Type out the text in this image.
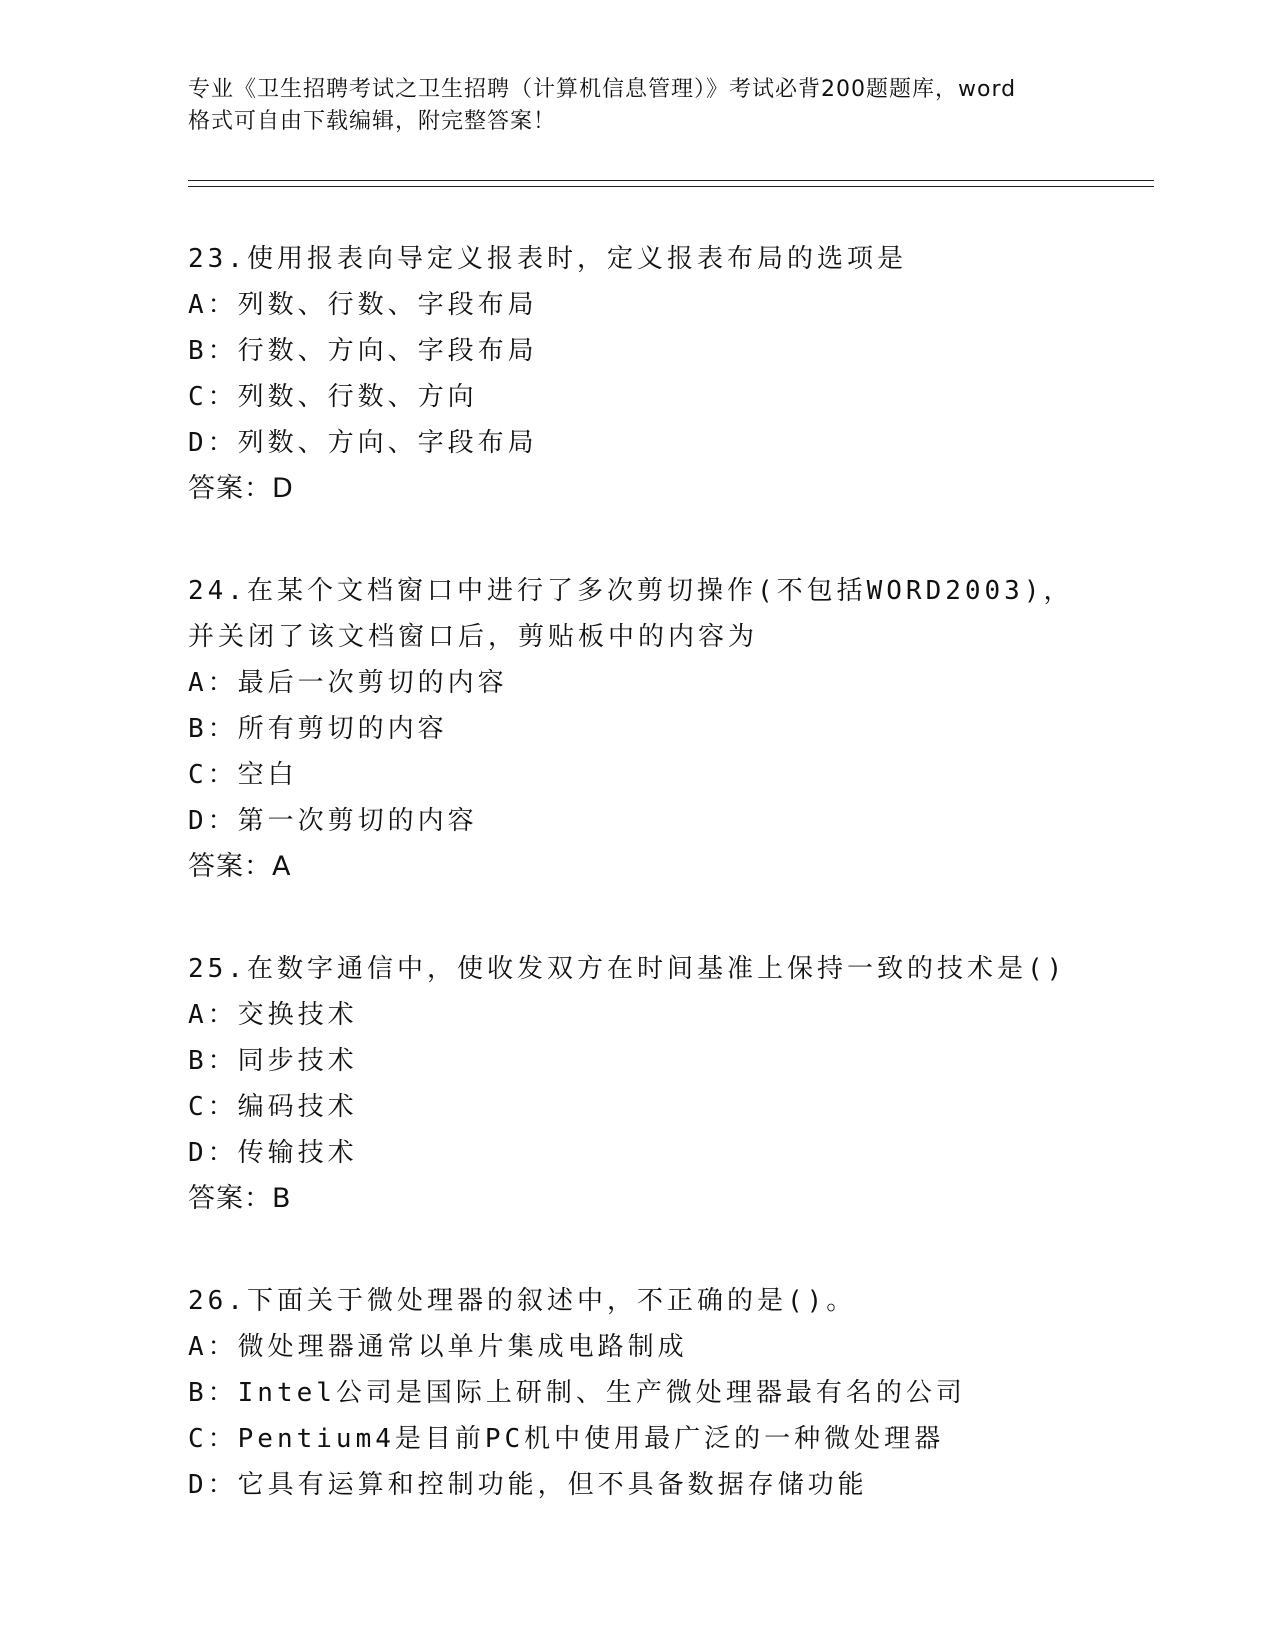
专业《卫生招聘考试之卫生招聘（计算机信息管理）》考试必背200题题库，word
格式可自由下载编辑，附完整答案！
23.使用报表向导定义报表时，定义报表布局的选项是
A：列数、行数、字段布局
B：行数、方向、字段布局
C：列数、行数、方向
D：列数、方向、字段布局
答案：D
24.在某个文档窗口中进行了多次剪切操作(不包括WORD2003)，并关闭了该文档窗口后，剪贴板中的内容为
A：最后一次剪切的内容
B：所有剪切的内容
C：空白
D：第一次剪切的内容
答案：A
25.在数字通信中，使收发双方在时间基准上保持一致的技术是()
A：交换技术
B：同步技术
C：编码技术
D：传输技术
答案：B
26.下面关于微处理器的叙述中，不正确的是()。
A：微处理器通常以单片集成电路制成
B：Intel公司是国际上研制、生产微处理器最有名的公司
C：Pentium4是目前PC机中使用最广泛的一种微处理器
D：它具有运算和控制功能，但不具备数据存储功能
